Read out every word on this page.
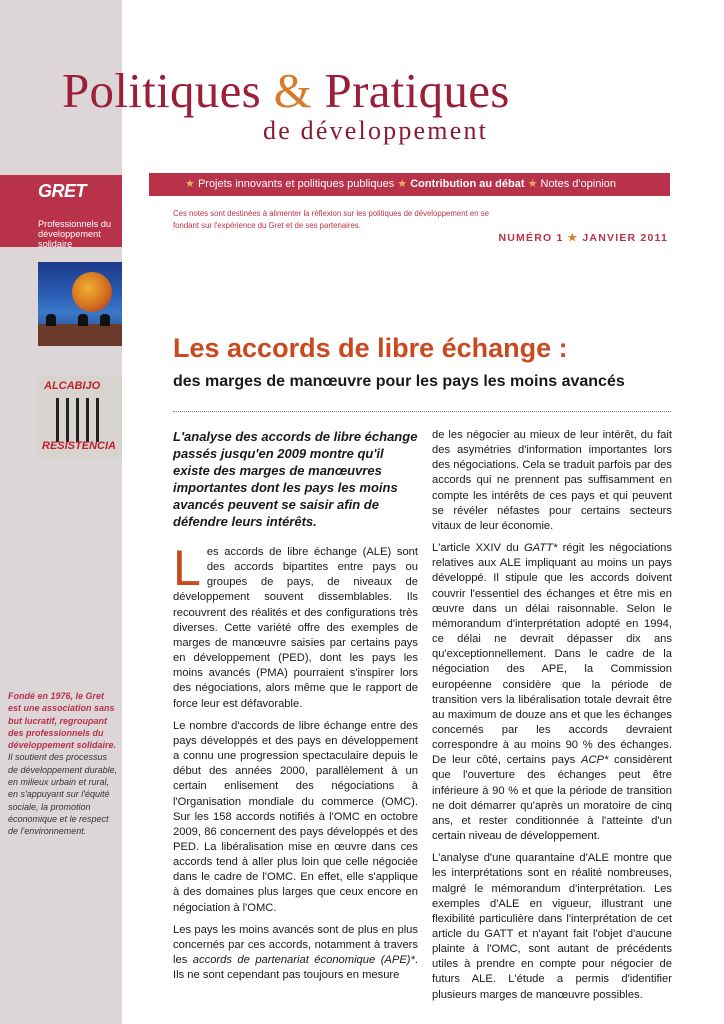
GRET
Professionnels du développement solidaire
ALCABIJO
RESISTENCIA
Fondé en 1976, le Gret est une association sans but lucratif, regroupant des professionnels du développement solidaire. Il soutient des processus de développement durable, en milieux urbain et rural, en s'appuyant sur l'équité sociale, la promotion économique et le respect de l'environnement.
Politiques & Pratiques
de développement
★ Projets innovants et politiques publiques ★ Contribution au débat ★ Notes d'opinion
Ces notes sont destinées à alimenter la réflexion sur les politiques de développement en se fondant sur l'expérience du Gret et de ses partenaires.
NUMÉRO 1 ★ JANVIER 2011
Les accords de libre échange :
des marges de manœuvre pour les pays les moins avancés
L'analyse des accords de libre échange passés jusqu'en 2009 montre qu'il existe des marges de manœuvres importantes dont les pays les moins avancés peuvent se saisir afin de défendre leurs intérêts.

Les accords de libre échange (ALE) sont des accords bipartites entre pays ou groupes de pays, de niveaux de développement souvent dissemblables. Ils recouvrent des réalités et des configurations très diverses. Cette variété offre des exemples de marges de manœuvre saisies par certains pays en développement (PED), dont les pays les moins avancés (PMA) pourraient s'inspirer lors des négociations, alors même que le rapport de force leur est défavorable.

Le nombre d'accords de libre échange entre des pays développés et des pays en développement a connu une progression spectaculaire depuis le début des années 2000, parallèlement à un certain enlisement des négociations à l'Organisation mondiale du commerce (OMC). Sur les 158 accords notifiés à l'OMC en octobre 2009, 86 concernent des pays développés et des PED. La libéralisation mise en œuvre dans ces accords tend à aller plus loin que celle négociée dans le cadre de l'OMC. En effet, elle s'applique à des domaines plus larges que ceux encore en négociation à l'OMC.

Les pays les moins avancés sont de plus en plus concernés par ces accords, notamment à travers les accords de partenariat économique (APE)*. Ils ne sont cependant pas toujours en mesure

de les négocier au mieux de leur intérêt, du fait des asymétries d'information importantes lors des négociations. Cela se traduit parfois par des accords qui ne prennent pas suffisamment en compte les intérêts de ces pays et qui peuvent se révéler néfastes pour certains secteurs vitaux de leur économie.

L'article XXIV du GATT* régit les négociations relatives aux ALE impliquant au moins un pays développé. Il stipule que les accords doivent couvrir l'essentiel des échanges et être mis en œuvre dans un délai raisonnable. Selon le mémorandum d'interprétation adopté en 1994, ce délai ne devrait dépasser dix ans qu'exceptionnellement. Dans le cadre de la négociation des APE, la Commission européenne considère que la période de transition vers la libéralisation totale devrait être au maximum de douze ans et que les échanges concernés par les accords devraient correspondre à au moins 90 % des échanges. De leur côté, certains pays ACP* considèrent que l'ouverture des échanges peut être inférieure à 90 % et que la période de transition ne doit démarrer qu'après un moratoire de cinq ans, et rester conditionnée à l'atteinte d'un certain niveau de développement.

L'analyse d'une quarantaine d'ALE montre que les interprétations sont en réalité nombreuses, malgré le mémorandum d'interprétation. Les exemples d'ALE en vigueur, illustrant une flexibilité particulière dans l'interprétation de cet article du GATT et n'ayant fait l'objet d'aucune plainte à l'OMC, sont autant de précédents utiles à prendre en compte pour négocier de futurs ALE. L'étude a permis d'identifier plusieurs marges de manœuvre possibles.
